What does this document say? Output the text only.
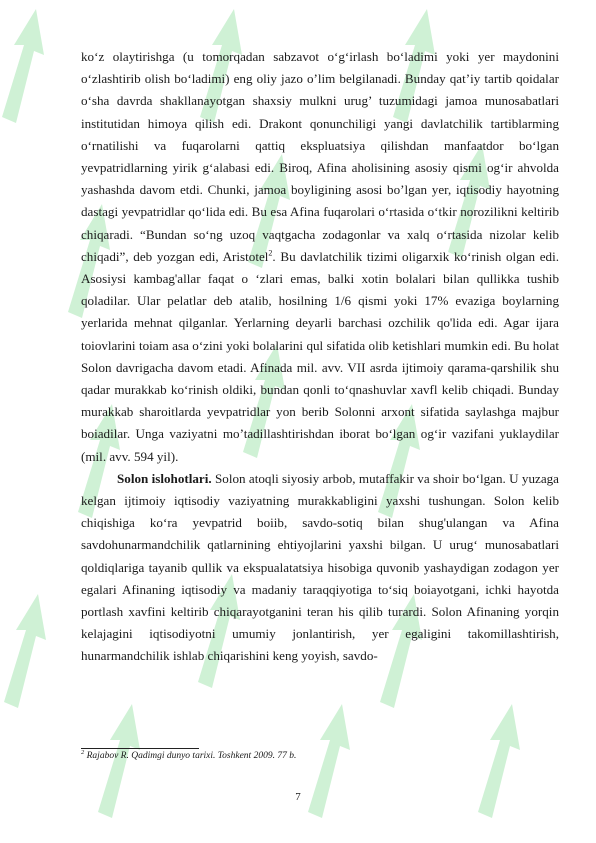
ko‘z olaytirishga (u tomorqadan sabzavot o‘g‘irlash bo‘ladimi yoki yer maydonini o‘zlashtirib olish bo‘ladimi) eng oliy jazo o’lim belgilanadi. Bunday qat’iy tartib qoidalar o‘sha davrda shakllanayotgan shaxsiy mulkni urug’ tuzumidagi jamoa munosabatlari institutidan himoya qilish edi. Drakont qonunchiligi yangi davlatchilik tartiblarming o‘rnatilishi va fuqarolarni qattiq ekspluatsiya qilishdan manfaatdor bo‘lgan yevpatridlarning yirik g‘alabasi edi. Biroq, Afina aholisining asosiy qismi og‘ir ahvolda yashashda davom etdi. Chunki, jamoa boyligining asosi bo’lgan yer, iqtisodiy hayotning dastagi yevpatridlar qo‘lida edi. Bu esa Afina fuqarolari o‘rtasida o‘tkir norozilikni keltirib chiqaradi. “Bundan so‘ng uzoq vaqtgacha zodagonlar va xalq o‘rtasida nizolar kelib chiqadi”, deb yozgan edi, Aristotel$^2$. Bu davlatchilik tizimi oligarxik ko‘rinish olgan edi. Asosiysi kambag'allar faqat o ‘zlari emas, balki xotin bolalari bilan qullikka tushib qoladilar. Ular pelatlar deb atalib, hosilning 1/6 qismi yoki 17% evaziga boylarning yerlarida mehnat qilganlar. Yerlarning deyarli barchasi ozchilik qo'lida edi. Agar ijara toiovlarini toiam asa o‘zini yoki bolalarini qul sifatida olib ketishlari mumkin edi. Bu holat Solon davrigacha davom etadi. Afinada mil. avv. VII asrda ijtimoiy qarama-qarshilik shu qadar murakkab ko‘rinish oldiki, bundan qonli to‘qnashuvlar xavfl kelib chiqadi. Bunday murakkab sharoitlarda yevpatridlar yon berib Solonni arxont sifatida saylashga majbur boiadilar. Unga vaziyatni mo’tadillashtirishdan iborat bo‘lgan og‘ir vazifani yuklaydilar (mil. avv. 594 yil).

Solon islohotlari. Solon atoqli siyosiy arbob, mutaffakir va shoir bo‘lgan. U yuzaga kelgan ijtimoiy iqtisodiy vaziyatning murakkabligini yaxshi tushungan. Solon kelib chiqishiga ko‘ra yevpatrid boiib, savdo-sotiq bilan shug'ulangan va Afina savdohunarmandchilik qatlarnining ehtiyojlarini yaxshi bilgan. U urug‘ munosabatlari qoldiqlariga tayanib qullik va ekspualatatsiya hisobiga quvonib yashaydigan zodagon yer egalari Afinaning iqtisodiy va madaniy taraqqiyotiga to‘siq boiayotgani, ichki hayotda portlash xavfini keltirib chiqarayotganini teran his qilib turardi. Solon Afinaning yorqin kelajagini iqtisodiyotni umumiy jonlantirish, yer egaligini takomillashtirish, hunarmandchilik ishlab chiqarishini keng yoyish, savdo-

$^2$ Rajabov R. Qadimgi dunyo tarixi. Toshkent 2009. 77 b.
7
